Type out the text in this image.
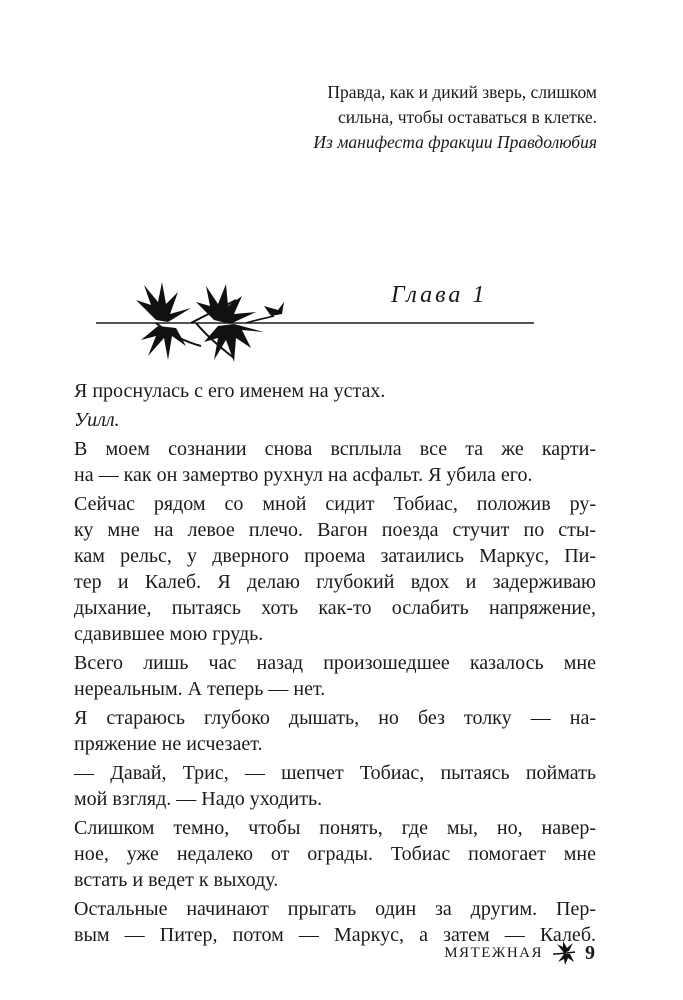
Правда, как и дикий зверь, слишком
сильна, чтобы оставаться в клетке.
Из манифеста фракции Правдолюбия
Глава 1

Я проснулась с его именем на устах.

Уилл.

В моем сознании снова всплыла все та же карти-
на — как он замертво рухнул на асфальт. Я убила его.

Сейчас рядом со мной сидит Тобиас, положив ру-
ку мне на левое плечо. Вагон поезда стучит по сты-
кам рельс, у дверного проема затаились Маркус, Пи-
тер и Калеб. Я делаю глубокий вдох и задерживаю
дыхание, пытаясь хоть как-то ослабить напряжение,
сдавившее мою грудь.

Всего лишь час назад произошедшее казалось мне
нереальным. А теперь — нет.

Я стараюсь глубоко дышать, но без толку — на-
пряжение не исчезает.

— Давай, Трис, — шепчет Тобиас, пытаясь поймать
мой взгляд. — Надо уходить.

Слишком темно, чтобы понять, где мы, но, навер-
ное, уже недалеко от ограды. Тобиас помогает мне
встать и ведет к выходу.

Остальные начинают прыгать один за другим. Пер-
вым — Питер, потом — Маркус, а затем — Калеб.

МЯТЕЖНАЯ 9
